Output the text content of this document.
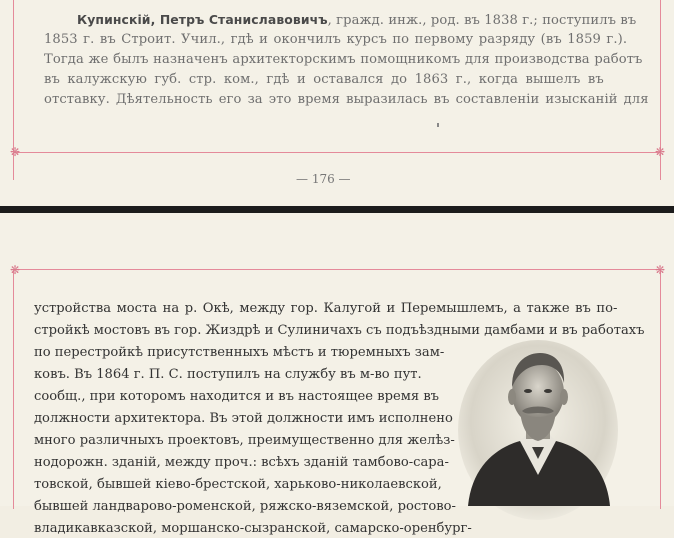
❋	❋
Купинскій, Петръ Станиславовичъ, гражд. инж., род. въ 1838 г.; поступилъ въ
1853 г. въ Строит. Учил., гдѣ и окончилъ курсъ по первому разряду (въ 1859 г.).
Тогда же былъ назначенъ архитекторскимъ помощникомъ для производства работъ
въ калужскую губ. стр. ком., гдѣ и оставался до 1863 г., когда вышелъ въ
отставку. Дѣятельность его за это время выразилась въ составленіи изысканій для
— 176 —
❋	❋
устройства моста на р. Окѣ, между гор. Калугой и Перемышлемъ, а также въ по-
стройкѣ мостовъ въ гор. Жиздрѣ и Сулиничахъ съ подъѣздными дамбами и въ работахъ
по перестройкѣ присутственныхъ мѣстъ и тюремныхъ зам-
ковъ. Въ 1864 г. П. С. поступилъ на службу въ м-во пут.
сообщ., при которомъ находится и въ настоящее время въ
должности архитектора. Въ этой должности имъ исполнено
много различныхъ проектовъ, преимущественно для желѣз-
нодорожн. зданій, между проч.: всѣхъ зданій тамбово-сара-
товской, бывшей кіево-брестской, харьково-николаевской,
бывшей ландварово-роменской, ряжско-вяземской, ростово-
владикавказской, моршанско-сызранской, самарско-оренбург-
